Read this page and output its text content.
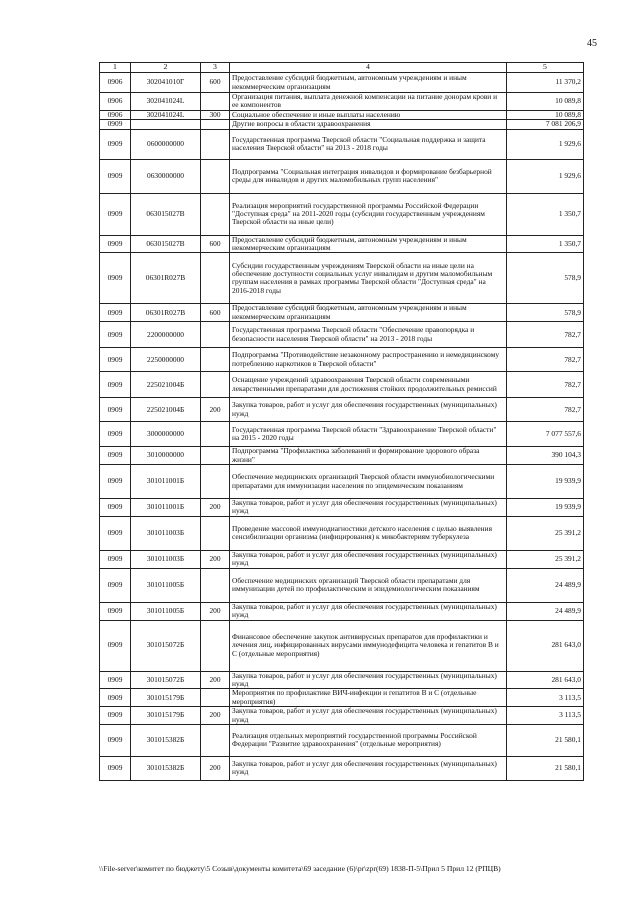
45
1	2	3	4	5
0906	302041010Г	600	Предоставление субсидий бюджетным, автономным учреждениям и иным некоммерческим организациям	11 370,2
0906	302041024L		Организация питания, выплата денежной компенсации на питание донорам крови и ее компонентов	10 089,8
0906	302041024L	300	Социальное обеспечение и иные выплаты населению	10 089,8
0909			Другие вопросы в области здравоохранения	7 081 206,9
0909	0600000000		Государственная программа Тверской области "Социальная поддержка и защита населения Тверской области" на 2013 - 2018 годы	1 929,6
0909	0630000000		Подпрограмма "Социальная интеграция инвалидов и формирование безбарьерной среды для инвалидов и других маломобильных групп населения"	1 929,6
0909	063015027В		Реализация мероприятий государственной программы Российской Федерации "Доступная среда" на 2011-2020 годы (субсидии государственным учреждениям Тверской области на иные цели)	1 350,7
0909	063015027В	600	Предоставление субсидий бюджетным, автономным учреждениям и иным некоммерческим организациям	1 350,7
0909	06301R027В		Субсидии государственным учреждениям Тверской области на иные цели на обеспечение доступности социальных услуг инвалидам и другим маломобильным группам населения в рамках программы Тверской области "Доступная среда" на 2016-2018 годы	578,9
0909	06301R027В	600	Предоставление субсидий бюджетным, автономным учреждениям и иным некоммерческим организациям	578,9
0909	2200000000		Государственная программа Тверской области "Обеспечение правопорядка и безопасности населения Тверской области" на 2013 - 2018 годы	782,7
0909	2250000000		Подпрограмма "Противодействие незаконному распространению и немедицинскому потреблению наркотиков в Тверской области"	782,7
0909	225021004Б		Оснащение учреждений здравоохранения Тверской области современными лекарственными препаратами для достижения стойких продолжительных ремиссий	782,7
0909	225021004Б	200	Закупка товаров, работ и услуг для обеспечения государственных (муниципальных) нужд	782,7
0909	3000000000		Государственная программа Тверской области "Здравоохранение Тверской области" на 2015 - 2020 годы	7 077 557,6
0909	3010000000		Подпрограмма "Профилактика заболеваний и формирование здорового образа жизни"	390 104,3
0909	301011001Б		Обеспечение медицинских организаций Тверской области иммунобиологическими препаратами для иммунизации населения по эпидемическим показаниям	19 939,9
0909	301011001Б	200	Закупка товаров, работ и услуг для обеспечения государственных (муниципальных) нужд	19 939,9
0909	301011003Б		Проведение массовой иммунодиагностики детского населения с целью выявления сенсибилизации организма (инфицирования) к микобактериям туберкулеза	25 391,2
0909	301011003Б	200	Закупка товаров, работ и услуг для обеспечения государственных (муниципальных) нужд	25 391,2
0909	301011005Б		Обеспечение медицинских организаций Тверской области препаратами для иммунизации детей по профилактическим и эпидемиологическим показаниям	24 489,9
0909	301011005Б	200	Закупка товаров, работ и услуг для обеспечения государственных (муниципальных) нужд	24 489,9
0909	301015072Б		Финансовое обеспечение закупок антивирусных препаратов для профилактики и лечения лиц, инфицированных вирусами иммунодефицита человека и гепатитов В и С (отдельные мероприятия)	281 643,0
0909	301015072Б	200	Закупка товаров, работ и услуг для обеспечения государственных (муниципальных) нужд	281 643,0
0909	301015179Б		Мероприятия по профилактике ВИЧ-инфекции и гепатитов В и С (отдельные мероприятия)	3 113,5
0909	301015179Б	200	Закупка товаров, работ и услуг для обеспечения государственных (муниципальных) нужд	3 113,5
0909	301015382Б		Реализация отдельных мероприятий государственной программы Российской Федерации "Развитие здравоохранения" (отдельные мероприятия)	21 580,1
0909	301015382Б	200	Закупка товаров, работ и услуг для обеспечения государственных (муниципальных) нужд	21 580,1
\\File-server\комитет по бюджету\5 Созыв\документы комитета\69 заседание (6)\pr\zpr(69) 1838-П-5\Прил 5 Прил 12 (РПЦВ)
